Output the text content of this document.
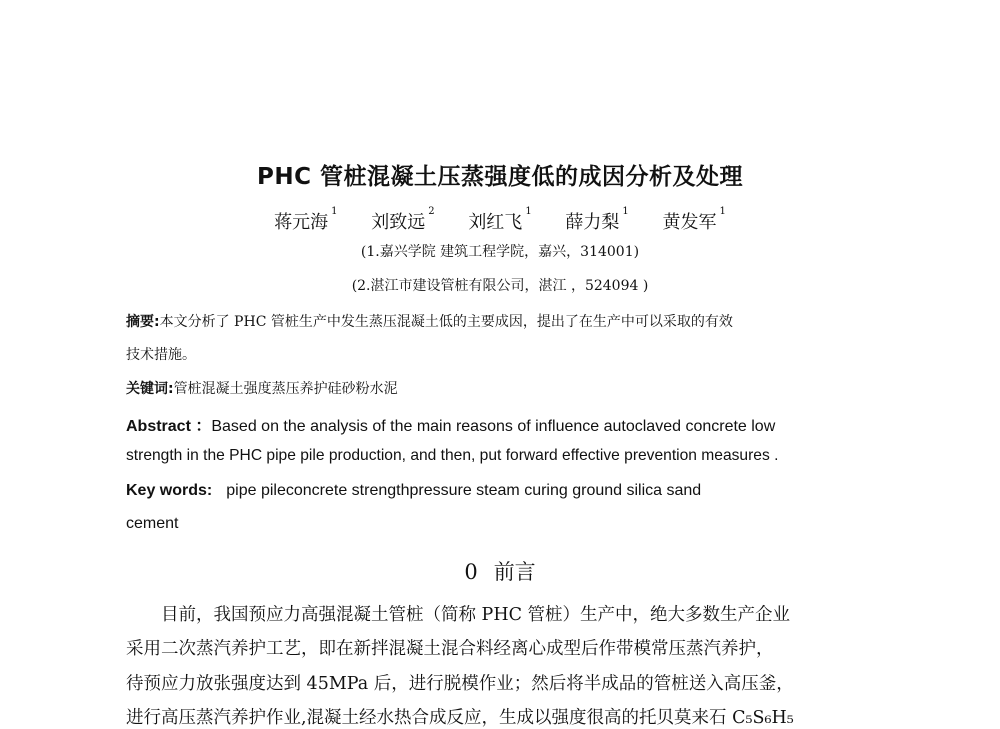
PHC 管桩混凝土压蒸强度低的成因分析及处理
蒋元海$^1$ 刘致远$^2$ 刘红飞$^1$ 薛力梨$^1$ 黄发军$^1$
(1.嘉兴学院 建筑工程学院，嘉兴，314001)
(2.湛江市建设管桩有限公司，湛江 ，524094 )
摘要:本文分析了 PHC 管桩生产中发生蒸压混凝土低的主要成因，提出了在生产中可以采取的有效
技术措施。
关键词:管桩混凝土强度蒸压养护硅砂粉水泥
Abstract ：Based on the analysis of the main reasons of influence autoclaved concrete low
strength in the PHC pipe pile production, and then, put forward effective prevention measures .
Key words: pipe pileconcrete strengthpressure steam curing ground silica sand
cement
0 前言
　　目前，我国预应力高强混凝土管桩（简称 PHC 管桩）生产中，绝大多数生产企业
采用二次蒸汽养护工艺，即在新拌混凝土混合料经离心成型后作带模常压蒸汽养护，
待预应力放张强度达到 45MPa 后，进行脱模作业；然后将半成品的管桩送入高压釜，
进行高压蒸汽养护作业,混凝土经水热合成反应，生成以强度很高的托贝莫来石 C₅S₆H₅
